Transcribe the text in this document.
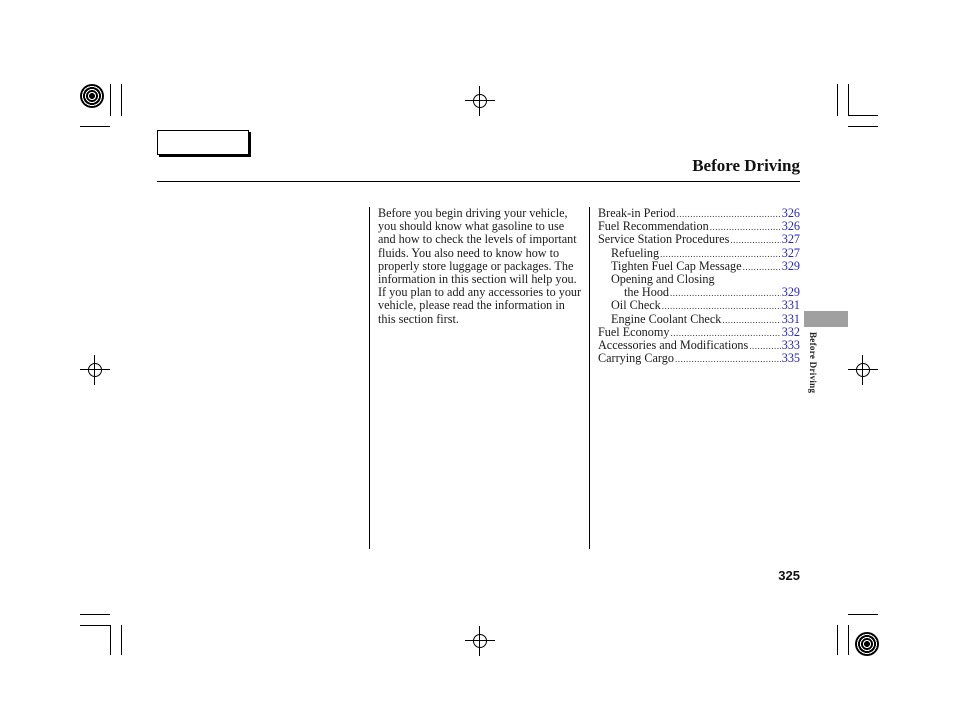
Before Driving
Before you begin driving your vehicle, you should know what gasoline to use and how to check the levels of important fluids. You also need to know how to properly store luggage or packages. The information in this section will help you. If you plan to add any accessories to your vehicle, please read the information in this section first.
Break-in Period .....	326
Fuel Recommendation .....	326
Service Station Procedures .....	327
Refueling .....	327
Tighten Fuel Cap Message .....	329
Opening and Closing
the Hood .....	329
Oil Check .....	331
Engine Coolant Check .....	331
Fuel Economy .....	332
Accessories and Modifications .....	333
Carrying Cargo .....	335 Before Driving
325
